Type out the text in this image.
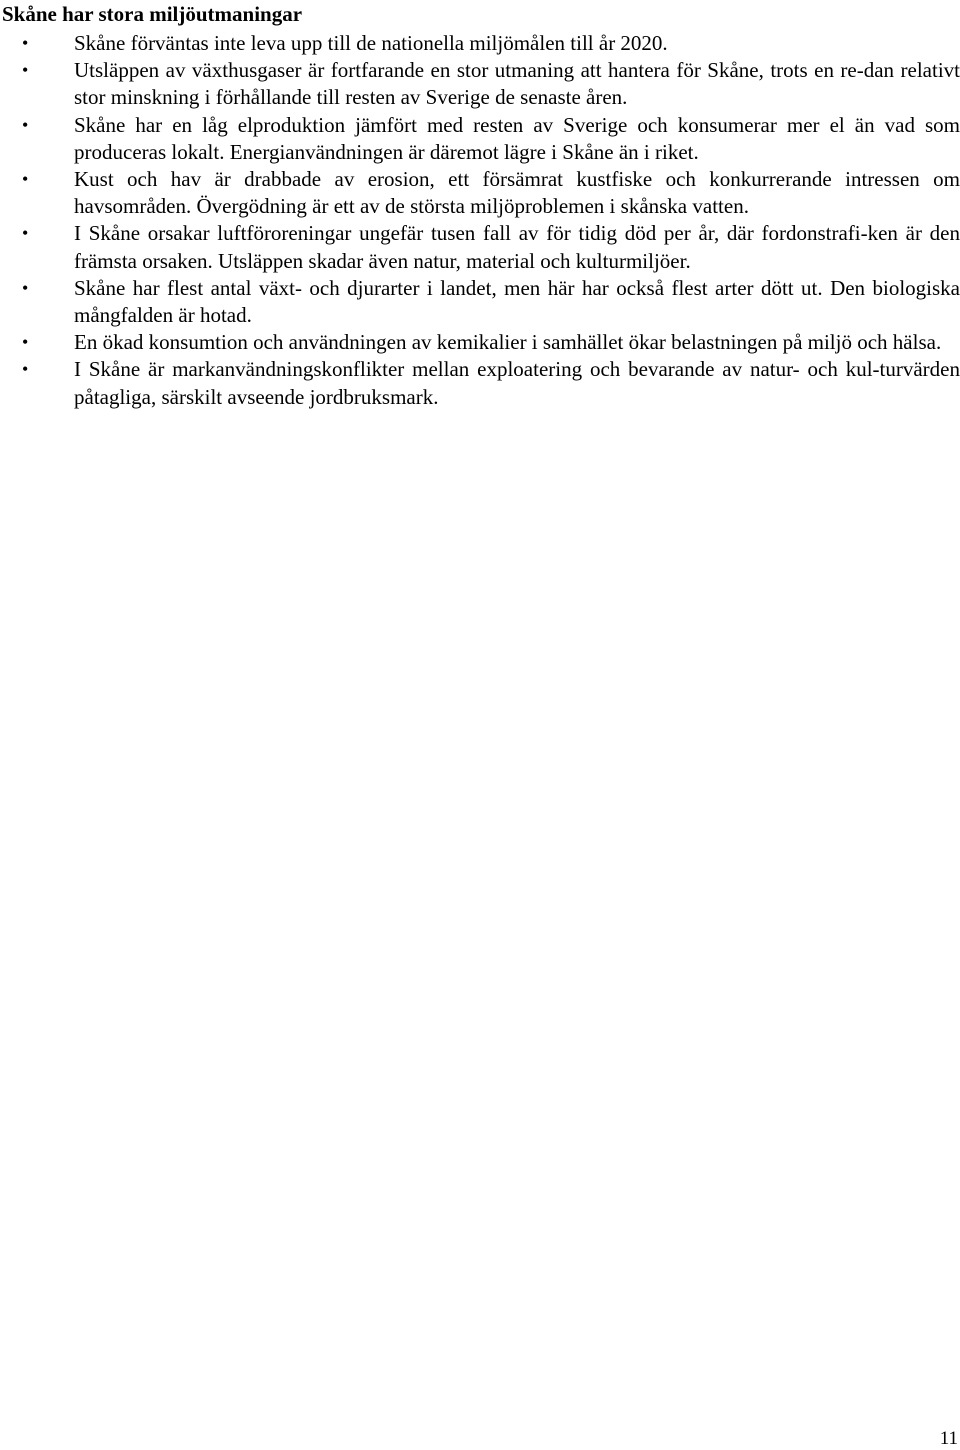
Skåne har stora miljöutmaningar
• Skåne förväntas inte leva upp till de nationella miljömålen till år 2020.
• Utsläppen av växthusgaser är fortfarande en stor utmaning att hantera för Skåne, trots en re-dan relativt stor minskning i förhållande till resten av Sverige de senaste åren.
• Skåne har en låg elproduktion jämfört med resten av Sverige och konsumerar mer el än vad som produceras lokalt. Energianvändningen är däremot lägre i Skåne än i riket.
• Kust och hav är drabbade av erosion, ett försämrat kustfiske och konkurrerande intressen om havsområden. Övergödning är ett av de största miljöproblemen i skånska vatten.
• I Skåne orsakar luftföroreningar ungefär tusen fall av för tidig död per år, där fordonstrafi-ken är den främsta orsaken. Utsläppen skadar även natur, material och kulturmiljöer.
• Skåne har flest antal växt- och djurarter i landet, men här har också flest arter dött ut. Den biologiska mångfalden är hotad.
• En ökad konsumtion och användningen av kemikalier i samhället ökar belastningen på miljö och hälsa.
• I Skåne är markanvändningskonflikter mellan exploatering och bevarande av natur- och kul-turvärden påtagliga, särskilt avseende jordbruksmark.
11
